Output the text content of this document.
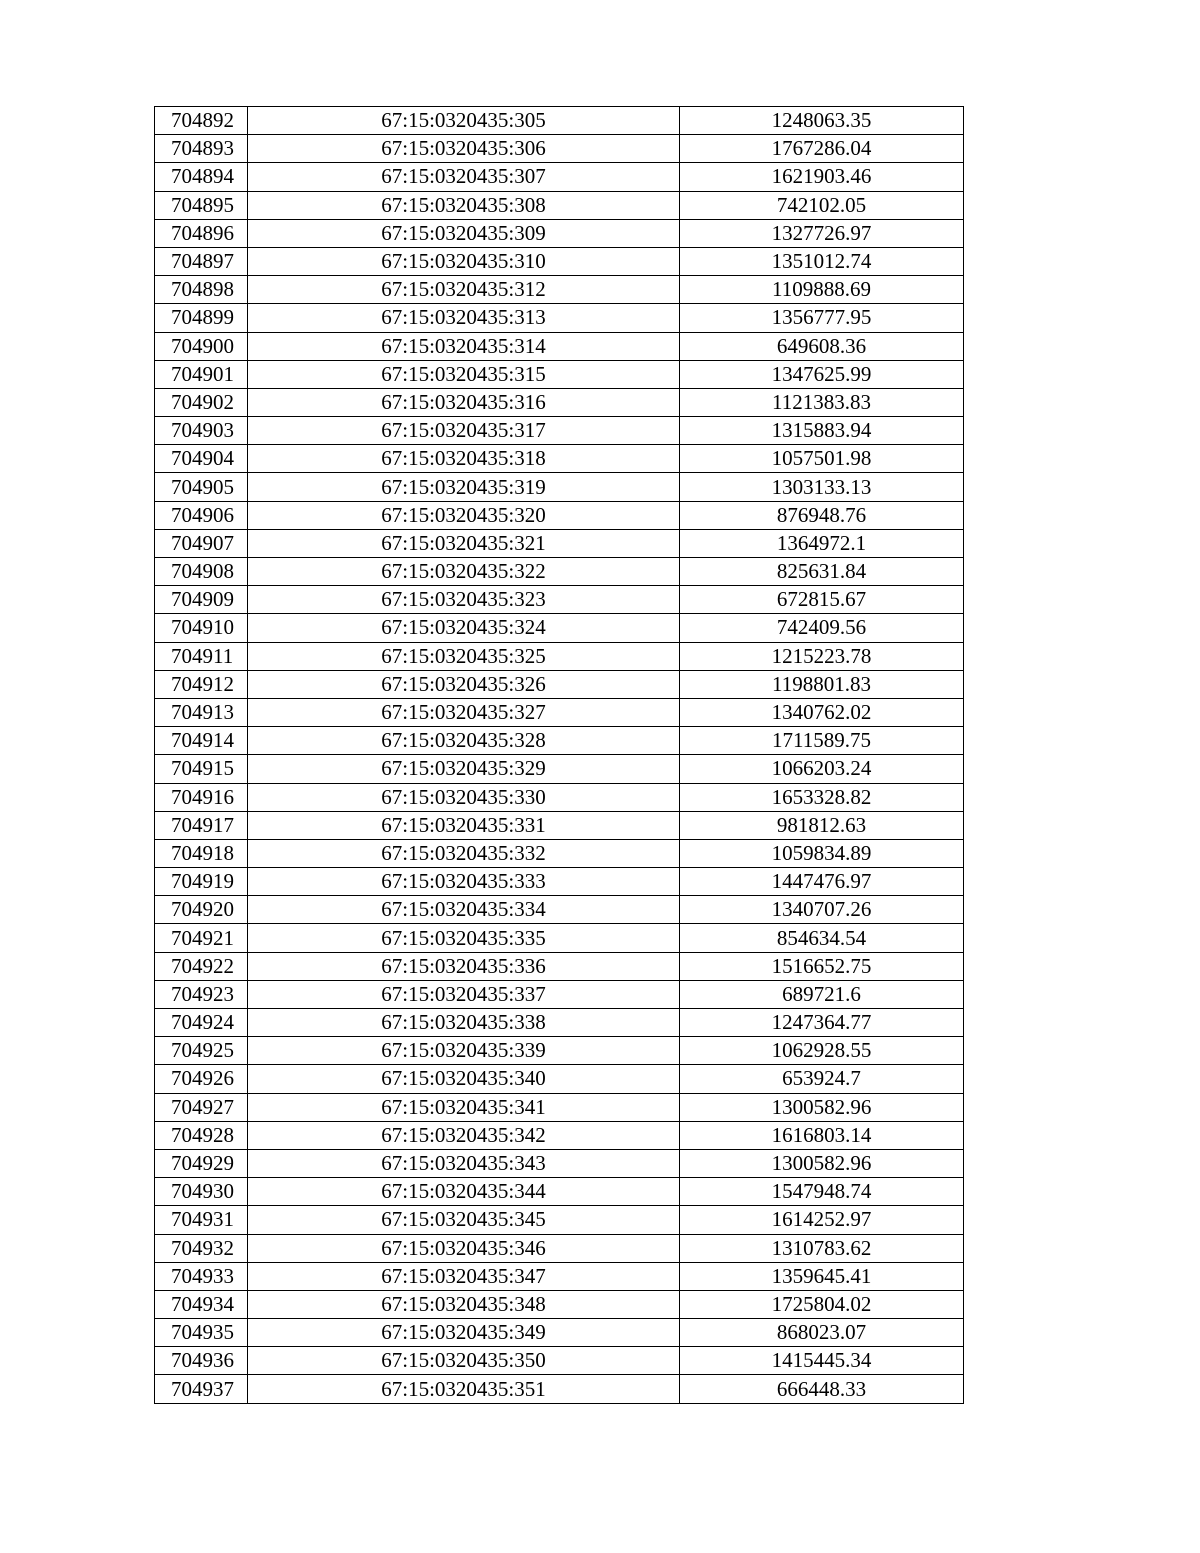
704892	67:15:0320435:305	1248063.35
704893	67:15:0320435:306	1767286.04
704894	67:15:0320435:307	1621903.46
704895	67:15:0320435:308	742102.05
704896	67:15:0320435:309	1327726.97
704897	67:15:0320435:310	1351012.74
704898	67:15:0320435:312	1109888.69
704899	67:15:0320435:313	1356777.95
704900	67:15:0320435:314	649608.36
704901	67:15:0320435:315	1347625.99
704902	67:15:0320435:316	1121383.83
704903	67:15:0320435:317	1315883.94
704904	67:15:0320435:318	1057501.98
704905	67:15:0320435:319	1303133.13
704906	67:15:0320435:320	876948.76
704907	67:15:0320435:321	1364972.1
704908	67:15:0320435:322	825631.84
704909	67:15:0320435:323	672815.67
704910	67:15:0320435:324	742409.56
704911	67:15:0320435:325	1215223.78
704912	67:15:0320435:326	1198801.83
704913	67:15:0320435:327	1340762.02
704914	67:15:0320435:328	1711589.75
704915	67:15:0320435:329	1066203.24
704916	67:15:0320435:330	1653328.82
704917	67:15:0320435:331	981812.63
704918	67:15:0320435:332	1059834.89
704919	67:15:0320435:333	1447476.97
704920	67:15:0320435:334	1340707.26
704921	67:15:0320435:335	854634.54
704922	67:15:0320435:336	1516652.75
704923	67:15:0320435:337	689721.6
704924	67:15:0320435:338	1247364.77
704925	67:15:0320435:339	1062928.55
704926	67:15:0320435:340	653924.7
704927	67:15:0320435:341	1300582.96
704928	67:15:0320435:342	1616803.14
704929	67:15:0320435:343	1300582.96
704930	67:15:0320435:344	1547948.74
704931	67:15:0320435:345	1614252.97
704932	67:15:0320435:346	1310783.62
704933	67:15:0320435:347	1359645.41
704934	67:15:0320435:348	1725804.02
704935	67:15:0320435:349	868023.07
704936	67:15:0320435:350	1415445.34
704937	67:15:0320435:351	666448.33
